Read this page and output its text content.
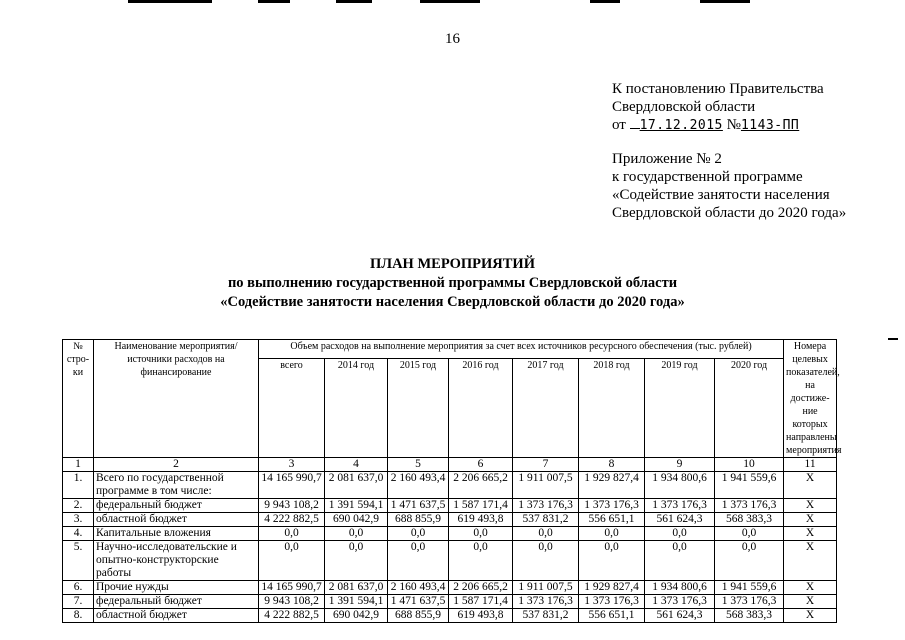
16
К постановлению Правительства
Свердловской области
от 17.12.2015 №1143-ПП
Приложение № 2
к государственной программе
«Содействие занятости населения
Свердловской области до 2020 года»
ПЛАН МЕРОПРИЯТИЙ
по выполнению государственной программы Свердловской области
«Содействие занятости населения Свердловской области до 2020 года»
№ стро-ки	Наименование мероприятия/ источники расходов на финансирование	Объем расходов на выполнение мероприятия за счет всех источников ресурсного обеспечения (тыс. рублей)								Номера целевых показателей, на достиже-ние которых направлены мероприятия
		всего	2014 год	2015 год	2016 год	2017 год	2018 год	2019 год	2020 год	
1	2	3	4	5	6	7	8	9	10	11
1.	Всего по государственной программе в том числе:	14 165 990,7	2 081 637,0	2 160 493,4	2 206 665,2	1 911 007,5	1 929 827,4	1 934 800,6	1 941 559,6	Х
2.	федеральный бюджет	9 943 108,2	1 391 594,1	1 471 637,5	1 587 171,4	1 373 176,3	1 373 176,3	1 373 176,3	1 373 176,3	Х
3.	областной бюджет	4 222 882,5	690 042,9	688 855,9	619 493,8	537 831,2	556 651,1	561 624,3	568 383,3	Х
4.	Капитальные вложения	0,0	0,0	0,0	0,0	0,0	0,0	0,0	0,0	Х
5.	Научно-исследовательские и опытно-конструкторские работы	0,0	0,0	0,0	0,0	0,0	0,0	0,0	0,0	Х
6.	Прочие нужды	14 165 990,7	2 081 637,0	2 160 493,4	2 206 665,2	1 911 007,5	1 929 827,4	1 934 800,6	1 941 559,6	Х
7.	федеральный бюджет	9 943 108,2	1 391 594,1	1 471 637,5	1 587 171,4	1 373 176,3	1 373 176,3	1 373 176,3	1 373 176,3	Х
8.	областной бюджет	4 222 882,5	690 042,9	688 855,9	619 493,8	537 831,2	556 651,1	561 624,3	568 383,3	Х
